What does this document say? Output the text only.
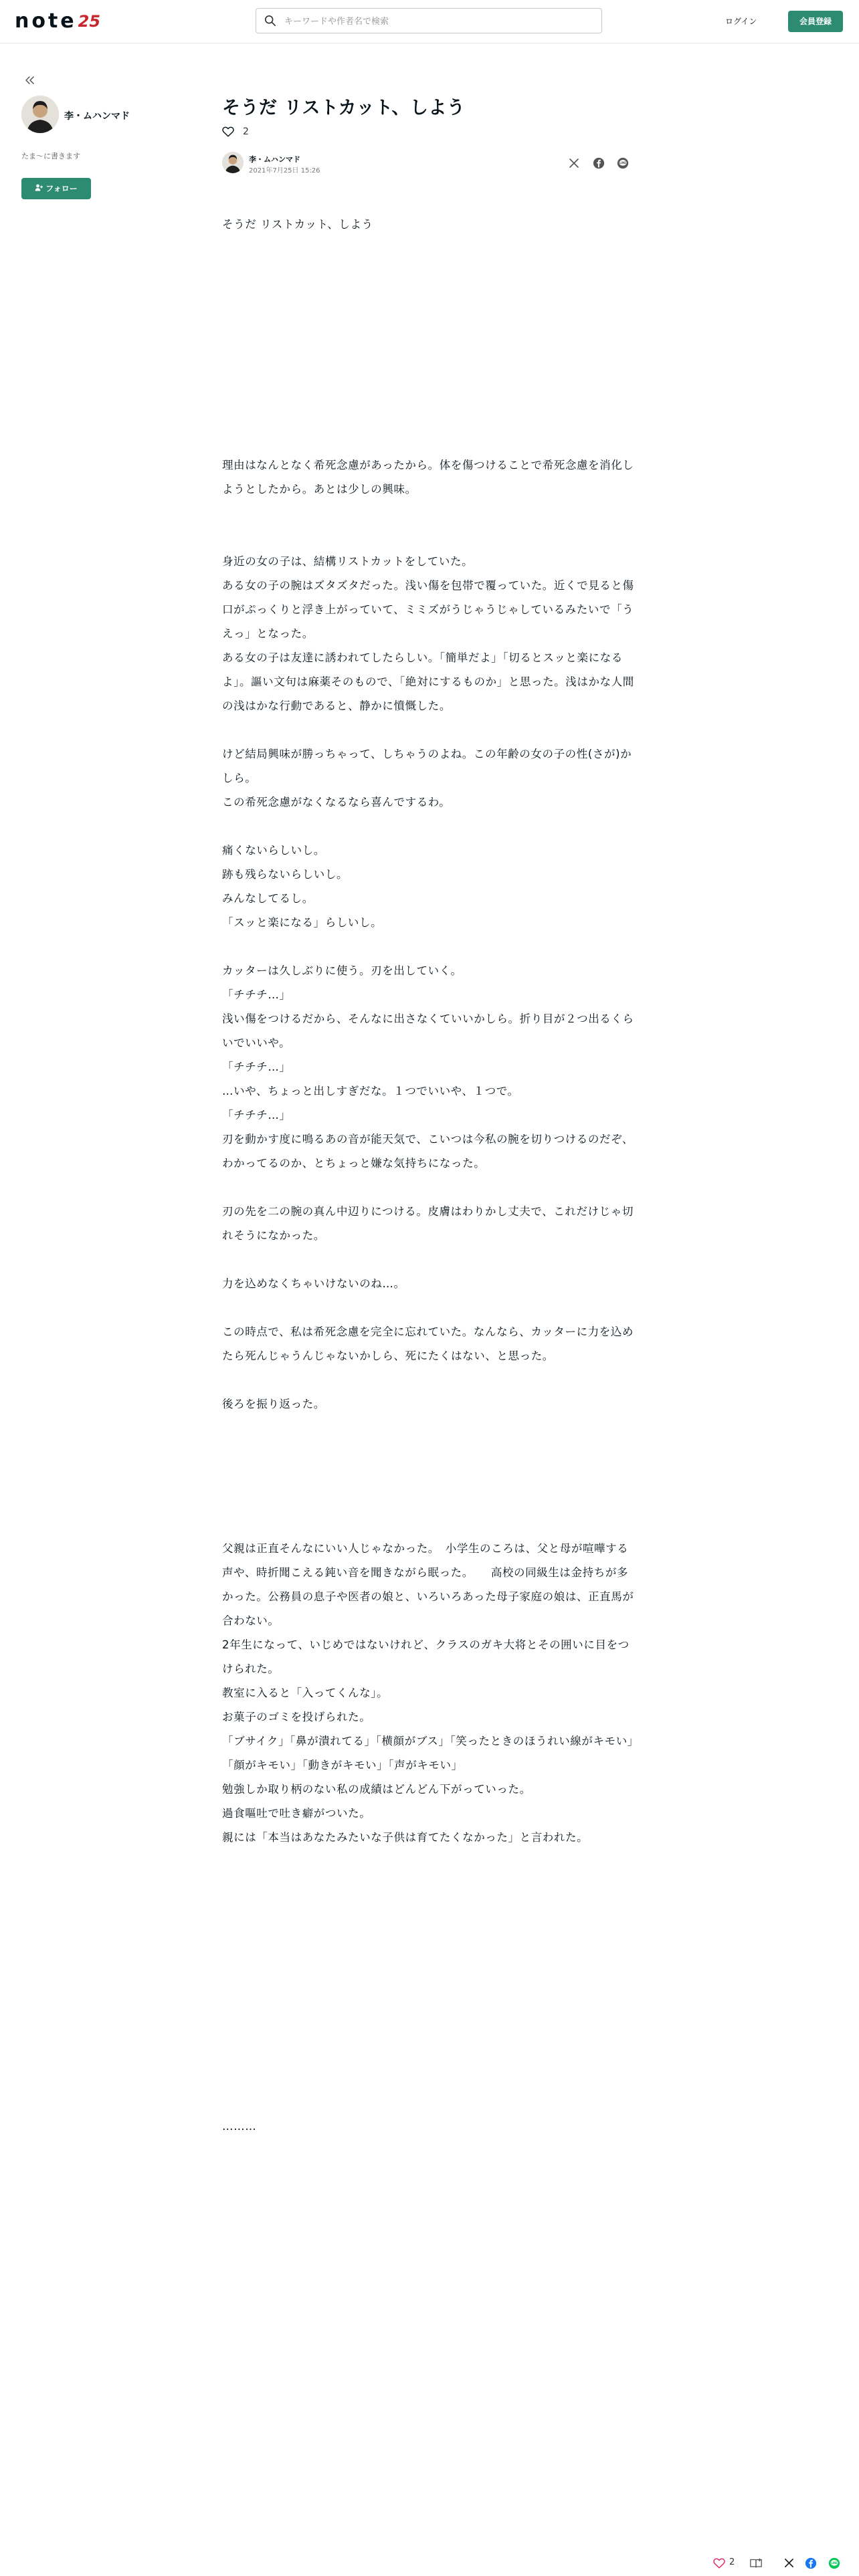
note 25
キーワードや作者名で検索	ログイン	会員登録
李・ムハンマド
たま〜に書きます
フォロー
そうだ リストカット、しよう
2
李・ムハンマド
2021年7月25日 15:26
LINE

そうだ リストカット、しよう

理由はなんとなく希死念慮があったから。体を傷つけることで希死念慮を消化しようとしたから。あとは少しの興味。

身近の女の子は、結構リストカットをしていた。
ある女の子の腕はズタズタだった。浅い傷を包帯で覆っていた。近くで見ると傷口がぷっくりと浮き上がっていて、ミミズがうじゃうじゃしているみたいで「うえっ」となった。
ある女の子は友達に誘われてしたらしい。「簡単だよ」「切るとスッと楽になるよ」。謳い文句は麻薬そのもので、「絶対にするものか」と思った。浅はかな人間の浅はかな行動であると、静かに憤慨した。

けど結局興味が勝っちゃって、しちゃうのよね。この年齢の女の子の性(さが)かしら。
この希死念慮がなくなるなら喜んでするわ。

痛くないらしいし。
跡も残らないらしいし。
みんなしてるし。
「スッと楽になる」らしいし。

カッターは久しぶりに使う。刃を出していく。
「チチチ…」
浅い傷をつけるだから、そんなに出さなくていいかしら。折り目が２つ出るくらいでいいや。
「チチチ…」
…いや、ちょっと出しすぎだな。１つでいいや、１つで。
「チチチ…」
刃を動かす度に鳴るあの音が能天気で、こいつは今私の腕を切りつけるのだぞ、わかってるのか、とちょっと嫌な気持ちになった。

刃の先を二の腕の真ん中辺りにつける。皮膚はわりかし丈夫で、これだけじゃ切れそうになかった。

力を込めなくちゃいけないのね…。

この時点で、私は希死念慮を完全に忘れていた。なんなら、カッターに力を込めたら死んじゃうんじゃないかしら、死にたくはない、と思った。

後ろを振り返った。

父親は正直そんなにいい人じゃなかった。　小学生のころは、父と母が喧嘩する声や、時折聞こえる鈍い音を聞きながら眠った。　　高校の同級生は金持ちが多かった。公務員の息子や医者の娘と、いろいろあった母子家庭の娘は、正直馬が合わない。
2年生になって、いじめではないけれど、クラスのガキ大将とその囲いに目をつけられた。
教室に入ると「入ってくんな」。
お菓子のゴミを投げられた。
「ブサイク」「鼻が潰れてる」「横顔がブス」「笑ったときのほうれい線がキモい」「顔がキモい」「動きがキモい」「声がキモい」
勉強しか取り柄のない私の成績はどんどん下がっていった。
過食嘔吐で吐き癖がついた。
親には「本当はあなたみたいな子供は育てたくなかった」と言われた。

………

2	LINE
